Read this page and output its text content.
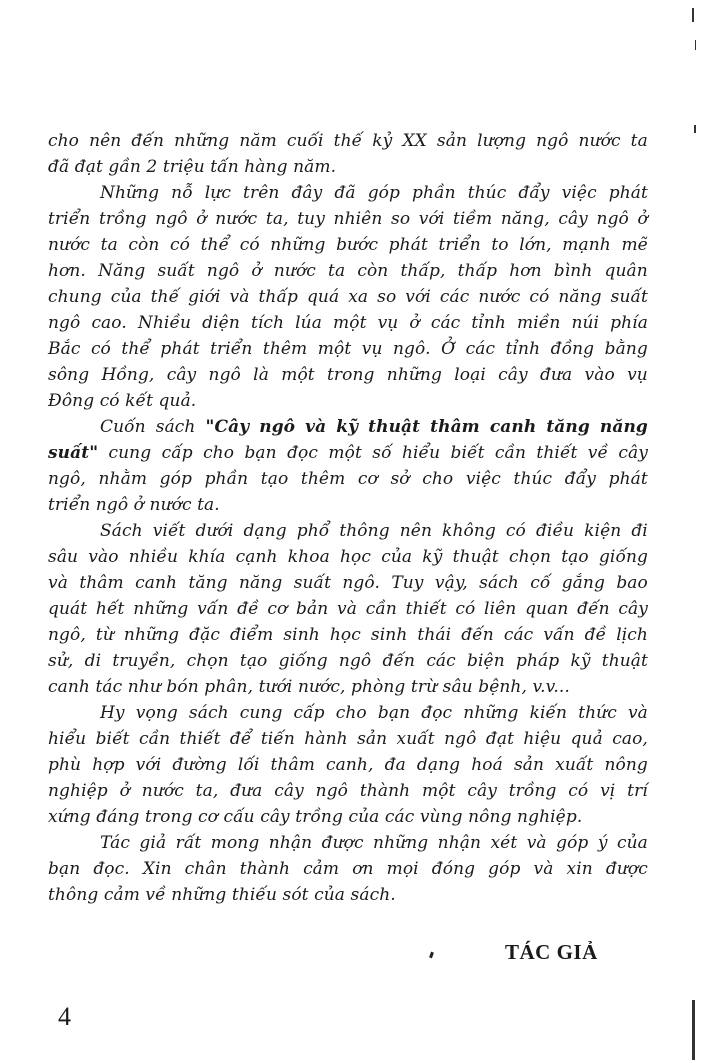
cho nên đến những năm cuối thế kỷ XX sản lượng ngô nước ta
đã đạt gần 2 triệu tấn hàng năm.
Những nỗ lực trên đây đã góp phần thúc đẩy việc phát
triển trồng ngô ở nước ta, tuy nhiên so với tiềm năng, cây ngô ở
nước ta còn có thể có những bước phát triển to lớn, mạnh mẽ
hơn. Năng suất ngô ở nước ta còn thấp, thấp hơn bình quân
chung của thế giới và thấp quá xa so với các nước có năng suất
ngô cao. Nhiều diện tích lúa một vụ ở các tỉnh miền núi phía
Bắc có thể phát triển thêm một vụ ngô. Ở các tỉnh đồng bằng
sông Hồng, cây ngô là một trong những loại cây đưa vào vụ
Đông có kết quả.
Cuốn sách "Cây ngô và kỹ thuật thâm canh tăng năng
suất" cung cấp cho bạn đọc một số hiểu biết cần thiết về cây
ngô, nhằm góp phần tạo thêm cơ sở cho việc thúc đẩy phát
triển ngô ở nước ta.
Sách viết dưới dạng phổ thông nên không có điều kiện đi
sâu vào nhiều khía cạnh khoa học của kỹ thuật chọn tạo giống
và thâm canh tăng năng suất ngô. Tuy vậy, sách cố gắng bao
quát hết những vấn đề cơ bản và cần thiết có liên quan đến cây
ngô, từ những đặc điểm sinh học sinh thái đến các vấn đề lịch
sử, di truyền, chọn tạo giống ngô đến các biện pháp kỹ thuật
canh tác như bón phân, tưới nước, phòng trừ sâu bệnh, v.v...
Hy vọng sách cung cấp cho bạn đọc những kiến thức và
hiểu biết cần thiết để tiến hành sản xuất ngô đạt hiệu quả cao,
phù hợp với đường lối thâm canh, đa dạng hoá sản xuất nông
nghiệp ở nước ta, đưa cây ngô thành một cây trồng có vị trí
xứng đáng trong cơ cấu cây trồng của các vùng nông nghiệp.
Tác giả rất mong nhận được những nhận xét và góp ý của
bạn đọc. Xin chân thành cảm ơn mọi đóng góp và xin được
thông cảm về những thiếu sót của sách.
TÁC GIẢ
4
